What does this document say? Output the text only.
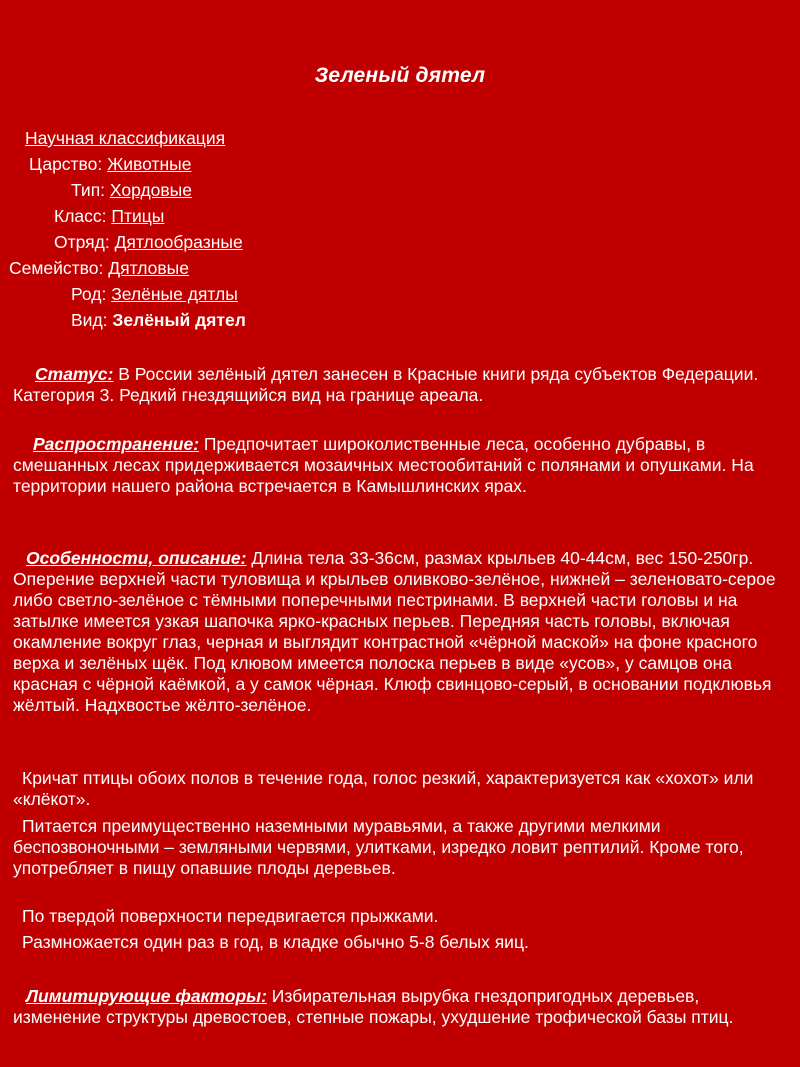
Зеленый дятел
Научная классификация
Царство: Животные
Тип: Хордовые
Класс: Птицы
Отряд: Дятлообразные
Семейство: Дятловые
Род: Зелёные дятлы
Вид: Зелёный дятел
Статус: В России зелёный дятел занесен в Красные книги ряда субъектов Федерации. Категория 3. Редкий гнездящийся вид на границе ареала.
Распространение: Предпочитает широколиственные леса, особенно дубравы, в смешанных лесах придерживается мозаичных местообитаний с полянами и опушками. На территории нашего района встречается в Камышлинских ярах.
Особенности, описание: Длина тела 33-36см, размах крыльев 40-44см, вес 150-250гр. Оперение верхней части туловища и крыльев оливково-зелёное, нижней – зеленовато-серое либо светло-зелёное с тёмными поперечными пестринами. В верхней части головы и на затылке имеется узкая шапочка ярко-красных перьев. Передняя часть головы, включая окамление вокруг глаз, черная и выглядит контрастной «чёрной маской» на фоне красного верха и зелёных щёк. Под клювом имеется полоска перьев в виде «усов», у самцов она красная с чёрной каёмкой, а у самок чёрная. Клюф свинцово-серый, в основании подклювья жёлтый. Надхвостье жёлто-зелёное.
Кричат птицы обоих полов в течение года, голос резкий, характеризуется как «хохот» или «клёкот».
Питается преимущественно наземными муравьями, а также другими мелкими беспозвоночными – земляными червями, улитками, изредко ловит рептилий. Кроме того, употребляет в пищу опавшие плоды деревьев.
По твердой поверхности передвигается прыжками.
Размножается один раз в год, в кладке обычно 5-8 белых яиц.
Лимитирующие факторы: Избирательная вырубка гнездопригодных деревьев, изменение структуры древостоев, степные пожары, ухудшение трофической базы птиц.
